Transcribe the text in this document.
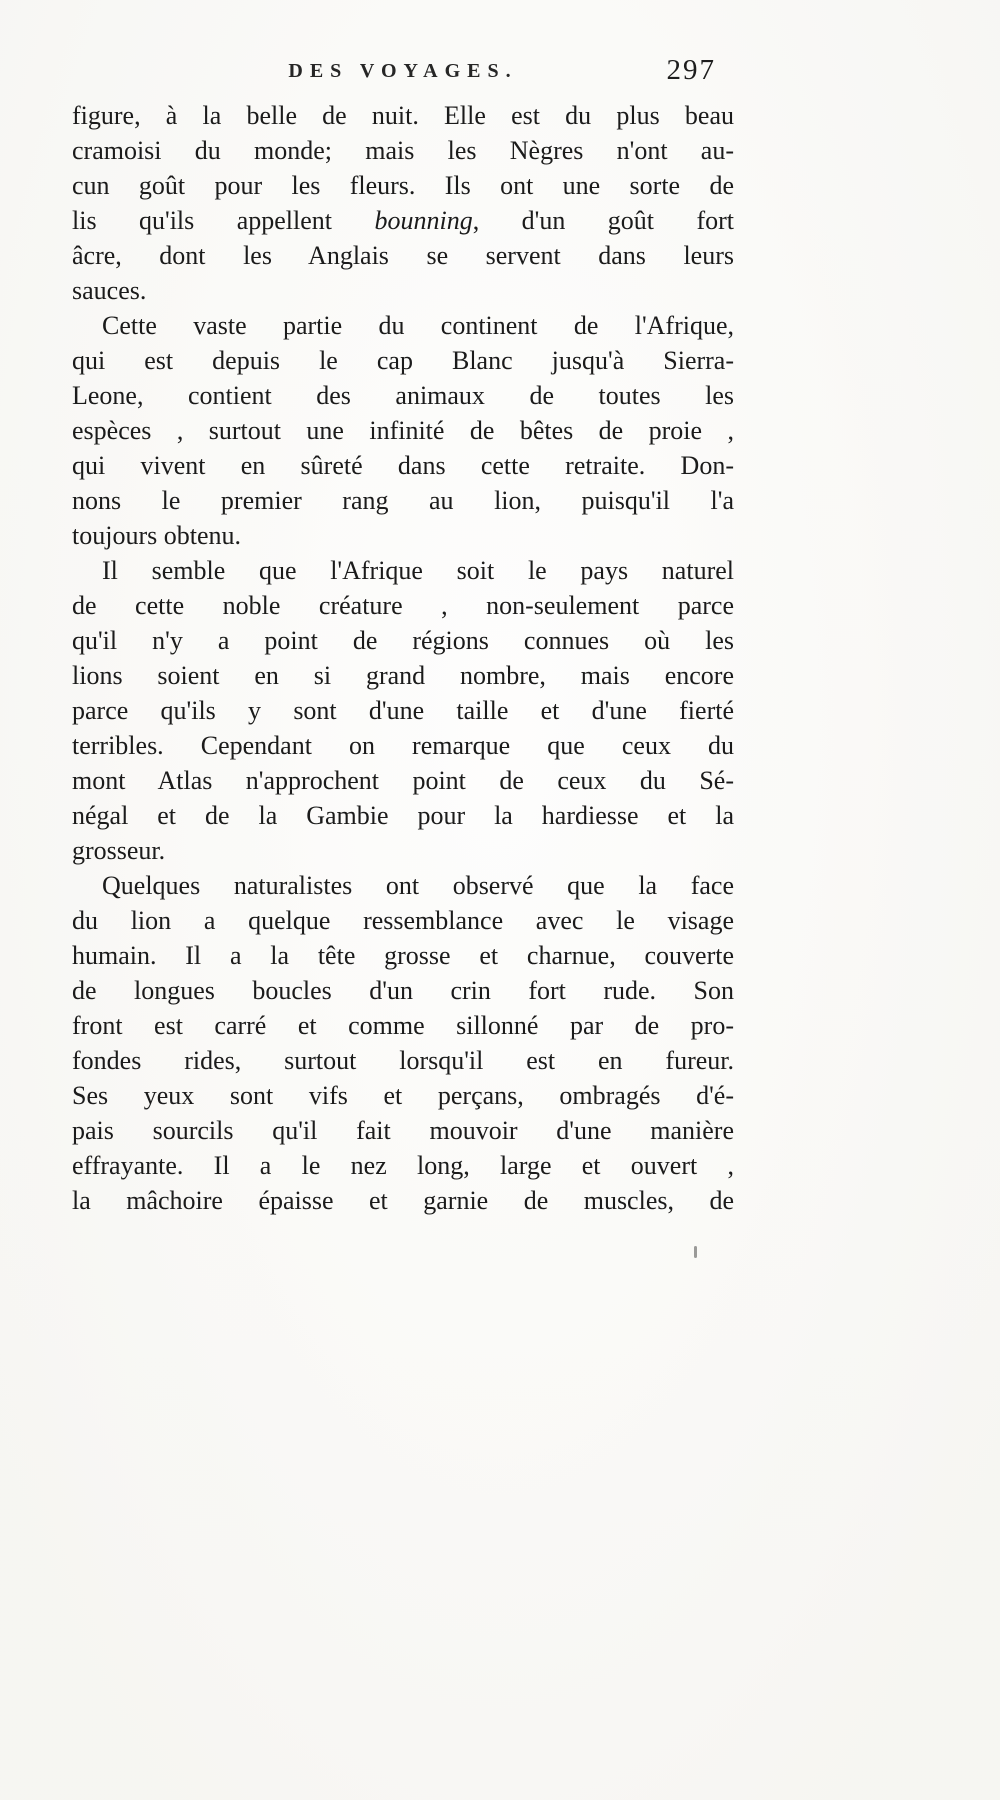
DES VOYAGES.	297
figure, à la belle de nuit. Elle est du plus beau
cramoisi du monde; mais les Nègres n'ont au-
cun goût pour les fleurs. Ils ont une sorte de
lis qu'ils appellent bounning, d'un goût fort
âcre, dont les Anglais se servent dans leurs
sauces.
Cette vaste partie du continent de l'Afrique,
qui est depuis le cap Blanc jusqu'à Sierra-
Leone, contient des animaux de toutes les
espèces , surtout une infinité de bêtes de proie ,
qui vivent en sûreté dans cette retraite. Don-
nons le premier rang au lion, puisqu'il l'a
toujours obtenu.
Il semble que l'Afrique soit le pays naturel
de cette noble créature , non-seulement parce
qu'il n'y a point de régions connues où les
lions soient en si grand nombre, mais encore
parce qu'ils y sont d'une taille et d'une fierté
terribles. Cependant on remarque que ceux du
mont Atlas n'approchent point de ceux du Sé-
négal et de la Gambie pour la hardiesse et la
grosseur.
Quelques naturalistes ont observé que la face
du lion a quelque ressemblance avec le visage
humain. Il a la tête grosse et charnue, couverte
de longues boucles d'un crin fort rude. Son
front est carré et comme sillonné par de pro-
fondes rides, surtout lorsqu'il est en fureur.
Ses yeux sont vifs et perçans, ombragés d'é-
pais sourcils qu'il fait mouvoir d'une manière
effrayante. Il a le nez long, large et ouvert ,
la mâchoire épaisse et garnie de muscles, de
